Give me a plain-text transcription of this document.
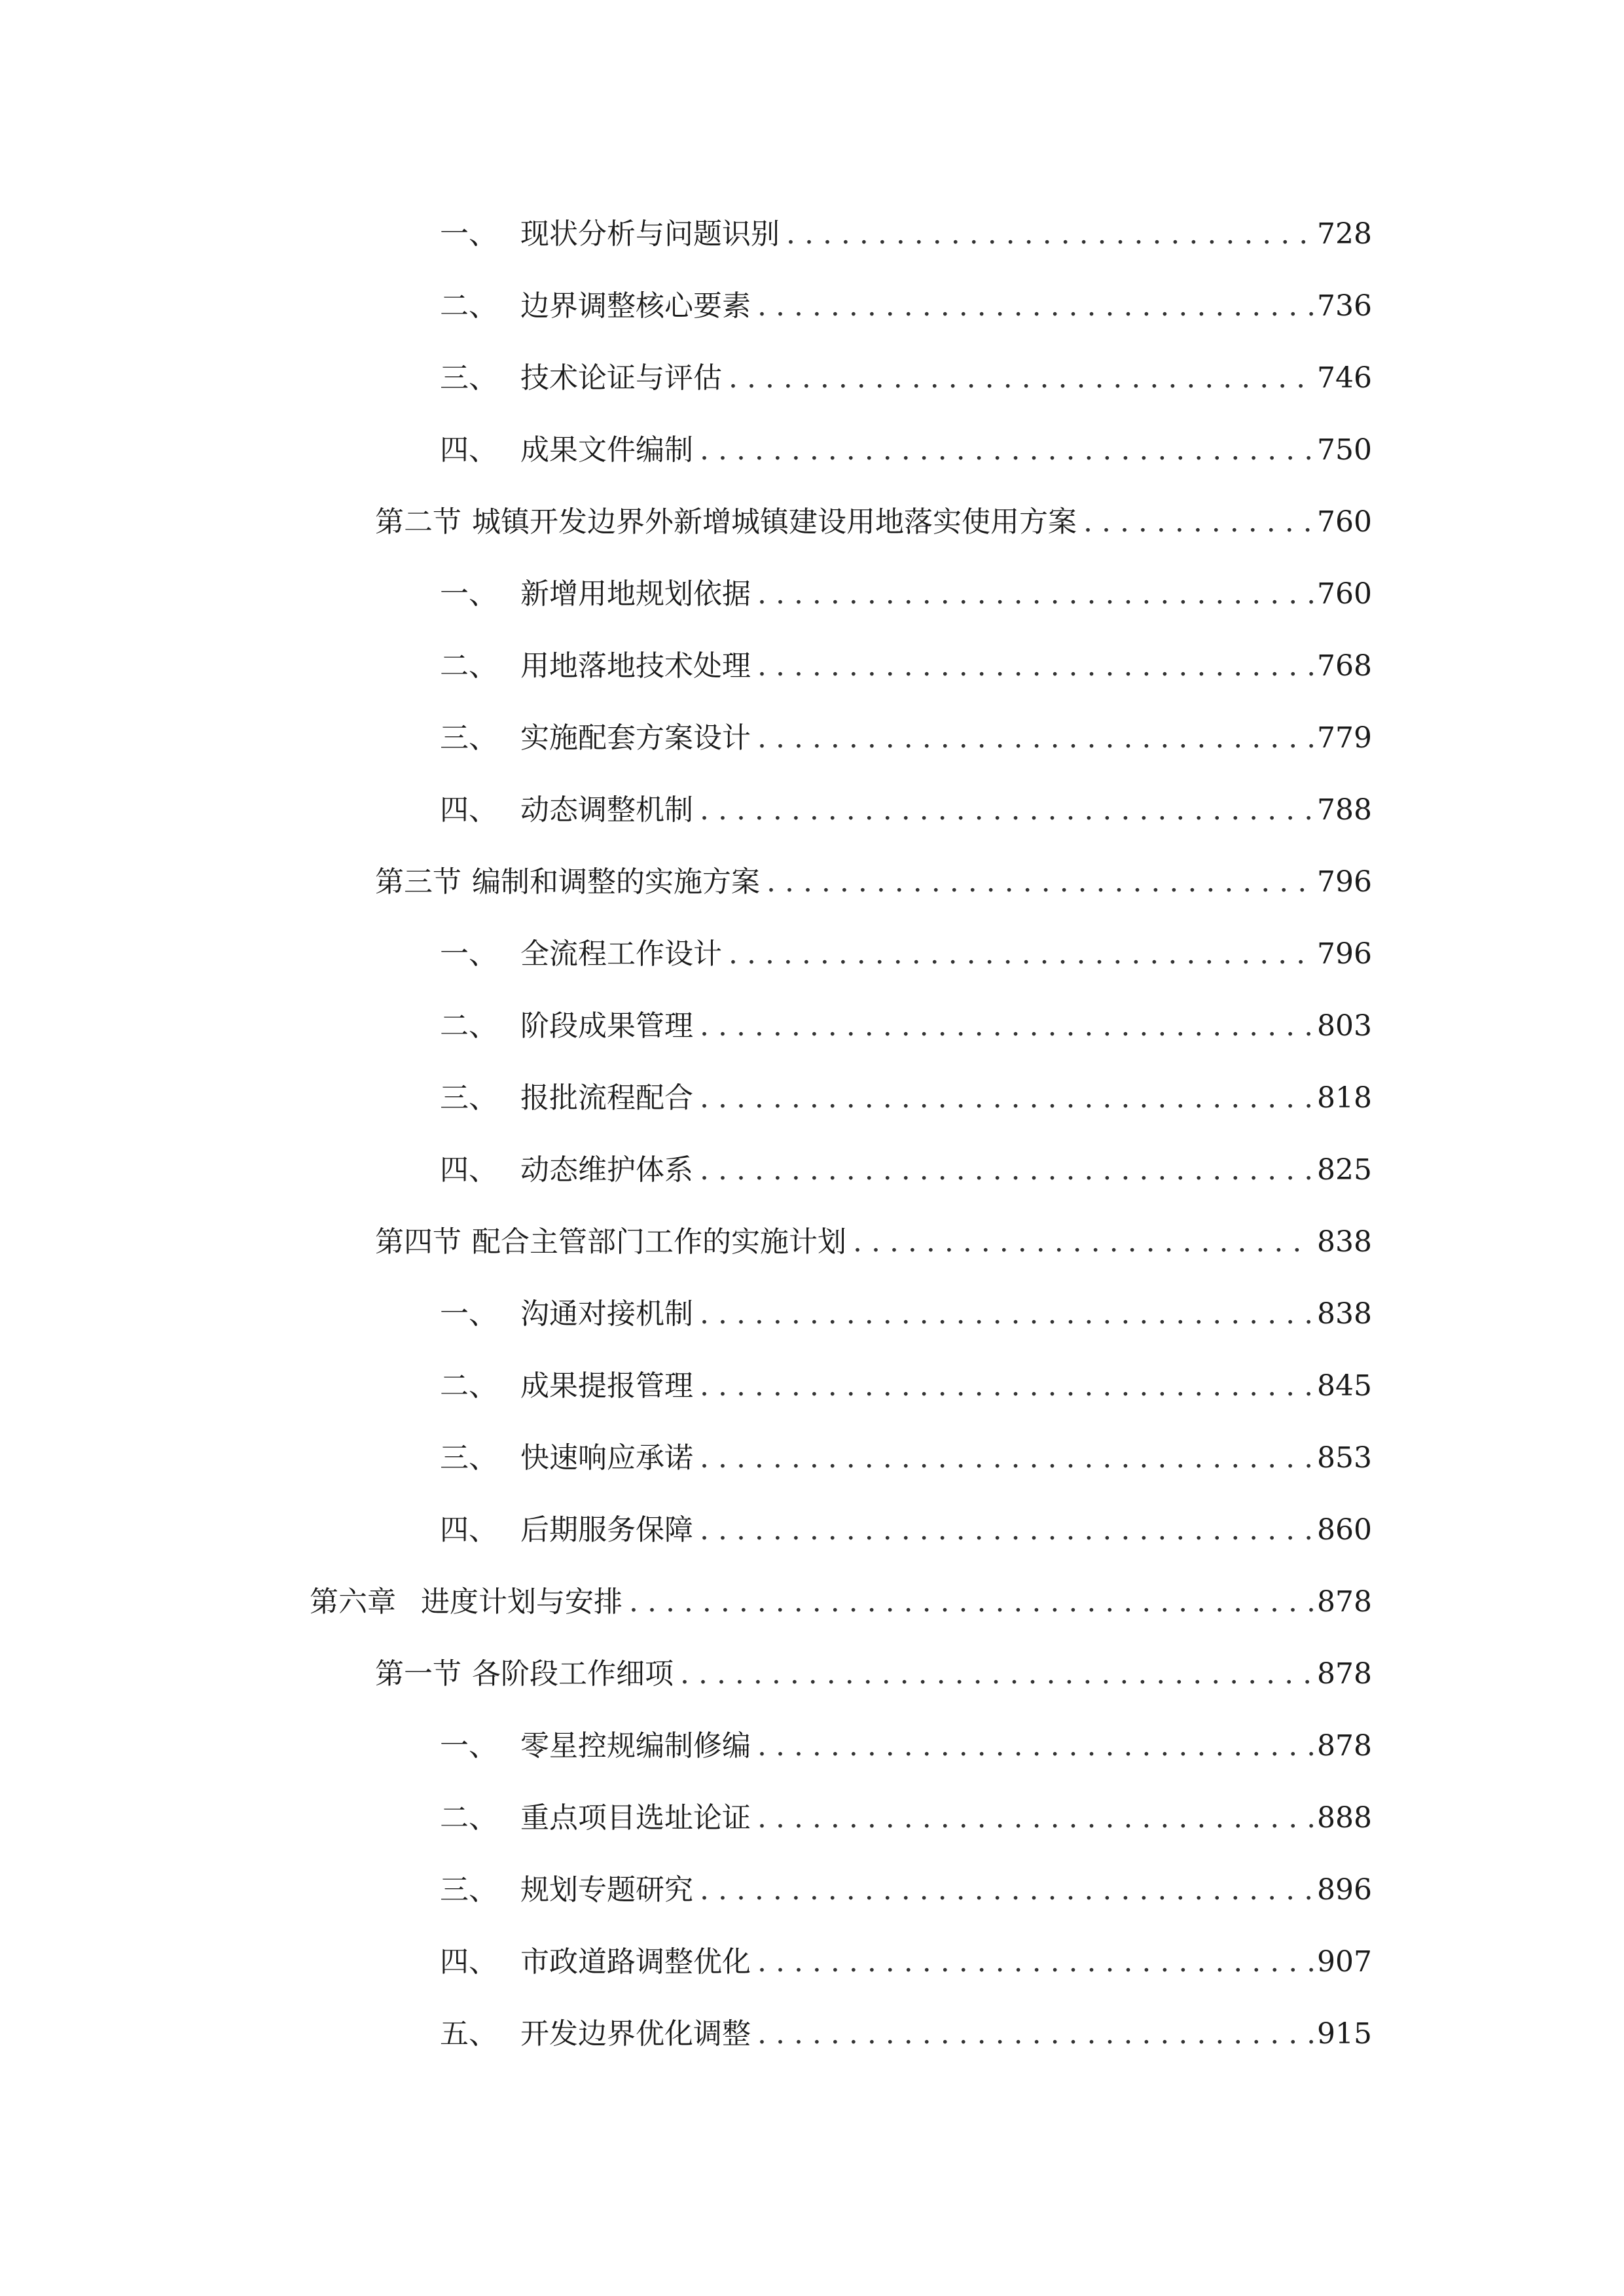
一、 现状分析与问题识别 . . .	728
二、 边界调整核心要素 . . .	736
三、 技术论证与评估 . . .	746
四、 成果文件编制 . . .	750
第二节 城镇开发边界外新增城镇建设用地落实使用方案 . . .	760
一、 新增用地规划依据 . . .	760
二、 用地落地技术处理 . . .	768
三、 实施配套方案设计 . . .	779
四、 动态调整机制 . . .	788
第三节 编制和调整的实施方案 . . .	796
一、 全流程工作设计 . . .	796
二、 阶段成果管理 . . .	803
三、 报批流程配合 . . .	818
四、 动态维护体系 . . .	825
第四节 配合主管部门工作的实施计划 . . .	838
一、 沟通对接机制 . . .	838
二、 成果提报管理 . . .	845
三、 快速响应承诺 . . .	853
四、 后期服务保障 . . .	860
第六章 进度计划与安排 . . .	878
第一节 各阶段工作细项 . . .	878
一、 零星控规编制修编 . . .	878
二、 重点项目选址论证 . . .	888
三、 规划专题研究 . . .	896
四、 市政道路调整优化 . . .	907
五、 开发边界优化调整 . . .	915
